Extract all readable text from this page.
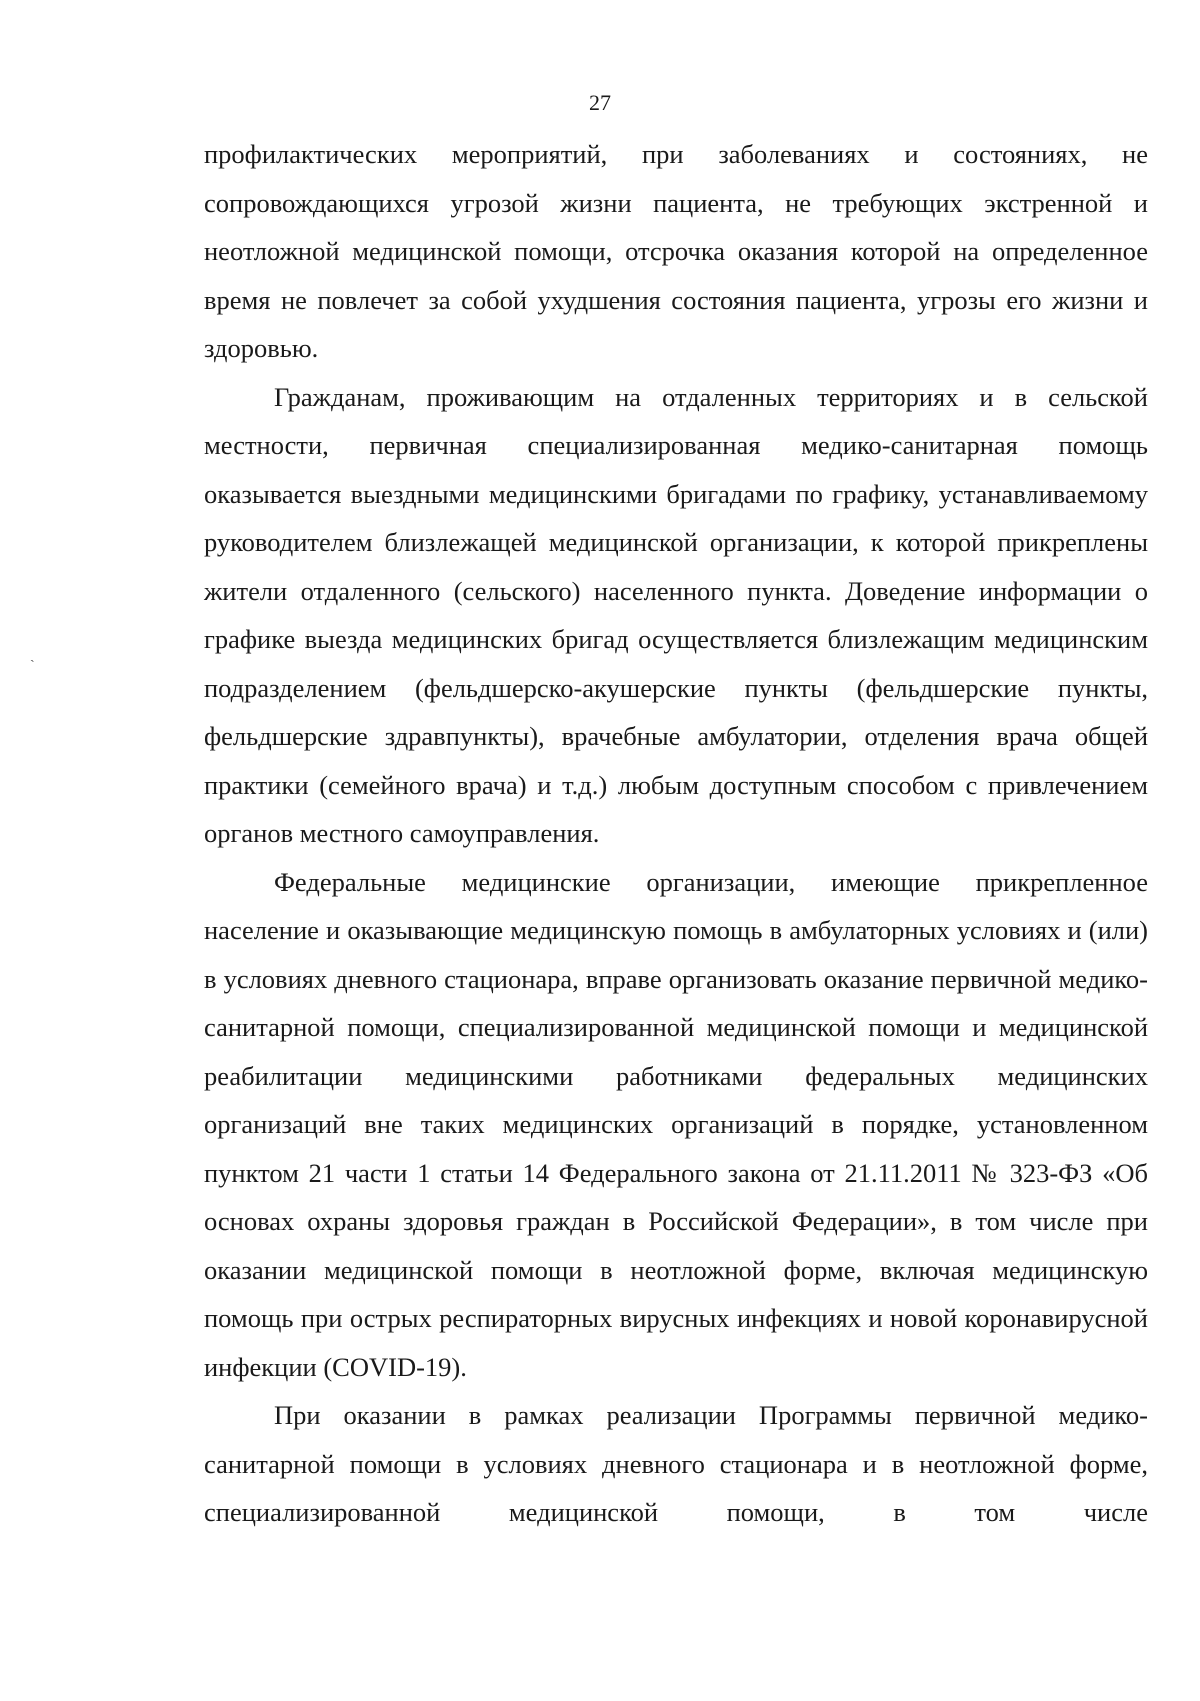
27
ˎ

профилактических мероприятий, при заболеваниях и состояниях, не сопровождающихся угрозой жизни пациента, не требующих экстренной и неотложной медицинской помощи, отсрочка оказания которой на определенное время не повлечет за собой ухудшения состояния пациента, угрозы его жизни и здоровью.

Гражданам, проживающим на отдаленных территориях и в сельской местности, первичная специализированная медико-санитарная помощь оказывается выездными медицинскими бригадами по графику, устанавливаемому руководителем близлежащей медицинской организации, к которой прикреплены жители отдаленного (сельского) населенного пункта. Доведение информации о графике выезда медицинских бригад осуществляется близлежащим медицинским подразделением (фельдшерско-акушерские пункты (фельдшерские пункты, фельдшерские здравпункты), врачебные амбулатории, отделения врача общей практики (семейного врача) и т.д.) любым доступным способом с привлечением органов местного самоуправления.

Федеральные медицинские организации, имеющие прикрепленное население и оказывающие медицинскую помощь в амбулаторных условиях и (или) в условиях дневного стационара, вправе организовать оказание первичной медико-санитарной помощи, специализированной медицинской помощи и медицинской реабилитации медицинскими работниками федеральных медицинских организаций вне таких медицинских организаций в порядке, установленном пунктом 21 части 1 статьи 14 Федерального закона от 21.11.2011 № 323-ФЗ «Об основах охраны здоровья граждан в Российской Федерации», в том числе при оказании медицинской помощи в неотложной форме, включая медицинскую помощь при острых респираторных вирусных инфекциях и новой коронавирусной инфекции (COVID-19).

При оказании в рамках реализации Программы первичной медико-санитарной помощи в условиях дневного стационара и в неотложной форме, специализированной медицинской помощи, в том числе
